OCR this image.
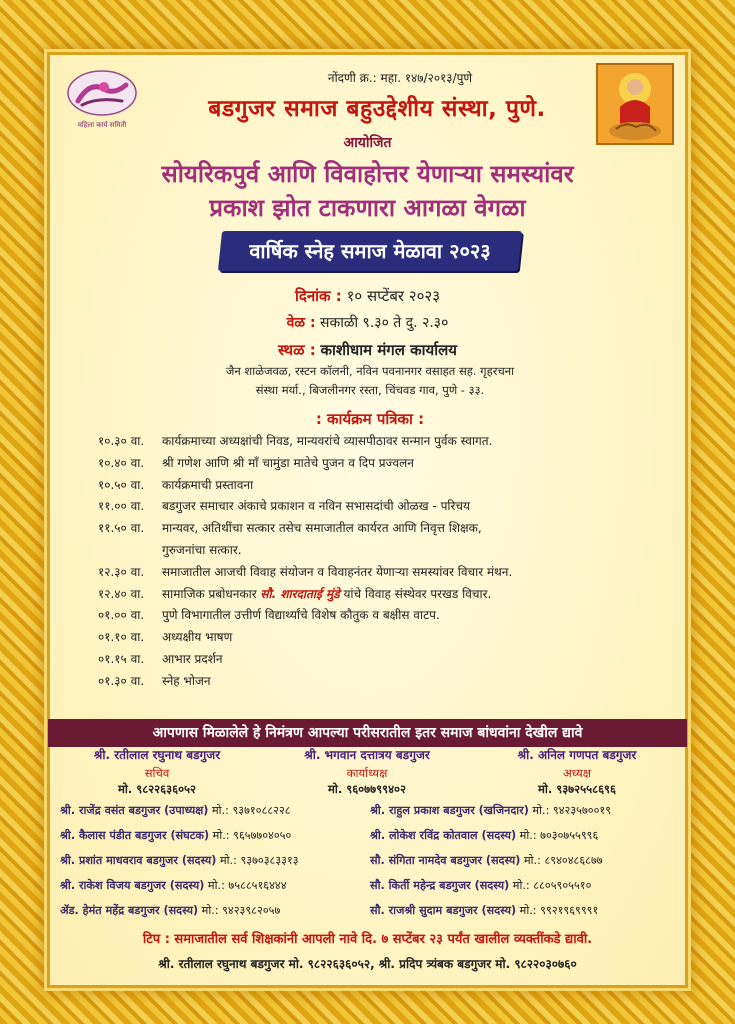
महिला कार्य समिती
नोंदणी क्र.: महा. १४७/२०१३/पुणे
बडगुजर समाज बहुउद्देशीय संस्था, पुणे.
आयोजित
सोयरिकपुर्व आणि विवाहोत्तर येणाऱ्या समस्यांवर
प्रकाश झोत टाकणारा आगळा वेगळा
वार्षिक स्नेह समाज मेळावा २०२३
दिनांक : १० सप्टेंबर २०२३
वेळ : सकाळी ९.३० ते दु. २.३०
स्थळ : काशीधाम मंगल कार्यालय
जैन शाळेजवळ, रस्टन कॉलनी, नविन पवनानगर वसाहत सह. गृहरचना
संस्था मर्या., बिजलीनगर रस्ता, चिंचवड गाव, पुणे - ३३.
: कार्यक्रम पत्रिका :
१०.३० वा.	कार्यक्रमाच्या अध्यक्षांची निवड, मान्यवरांचे व्यासपीठावर सन्मान पुर्वक स्वागत.
१०.४० वा.	श्री गणेश आणि श्री माँ चामुंडा मातेचे पुजन व दिप प्रज्वलन
१०.५० वा.	कार्यक्रमाची प्रस्तावना
११.०० वा.	बडगुजर समाचार अंकाचे प्रकाशन व नविन सभासदांची ओळख - परिचय
११.५० वा.	मान्यवर, अतिथींचा सत्कार तसेच समाजातील कार्यरत आणि निवृत्त शिक्षक,
गुरुजनांचा सत्कार.
१२.३० वा.	समाजातील आजची विवाह संयोजन व विवाहनंतर येणाऱ्या समस्यांवर विचार मंथन.
१२.४० वा.	सामाजिक प्रबोधनकार सौ. शारदाताई मुंडे यांचे विवाह संस्थेवर परखड विचार.
०१.०० वा.	पुणे विभागातील उत्तीर्ण विद्यार्थ्यांचे विशेष कौतुक व बक्षीस वाटप.
०१.१० वा.	अध्यक्षीय भाषण
०१.१५ वा.	आभार प्रदर्शन
०१.३० वा.	स्नेह भोजन
आपणास मिळालेले हे निमंत्रण आपल्या परीसरातील इतर समाज बांधवांना देखील द्यावे
श्री. रतीलाल रघुनाथ बडगुजर
सचिव
मो. ९८२२६३६०५२
श्री. भगवान दत्तात्रय बडगुजर
कार्याध्यक्ष
मो. ९६०७७९९४०२
श्री. अनिल गणपत बडगुजर
अध्यक्ष
मो. ९३७२५५८६९६
श्री. राजेंद्र वसंत बडगुजर (उपाध्यक्ष) मो.: ९३७१०८८२२८
श्री. कैलास पंडीत बडगुजर (संघटक) मो.: ९६५७७०४०५०
श्री. प्रशांत माधवराव बडगुजर (सदस्य) मो.: ९३७०३८३३१३
श्री. राकेश विजय बडगुजर (सदस्य) मो.: ७५८८५१६४४४
ॲड. हेमंत महेंद्र बडगुजर (सदस्य) मो.: ९४२३९८२०५७
श्री. राहुल प्रकाश बडगुजर (खजिनदार) मो.: ९४२३५७००१९
श्री. लोकेश रविंद्र कोतवाल (सदस्य) मो.: ७०३०७५५९९६
सौ. संगिता नामदेव बडगुजर (सदस्य) मो.: ८९४०४८६८७७
सौ. किर्ती महेन्द्र बडगुजर (सदस्य) मो.: ८८०५९०५५१०
सौ. राजश्री सुदाम बडगुजर (सदस्य) मो.: ९९२१९६९९९१
टिप : समाजातील सर्व शिक्षकांनी आपली नावे दि. ७ सप्टेंबर २३ पर्यंत खालील व्यक्तींकडे द्यावी.
श्री. रतीलाल रघुनाथ बडगुजर मो. ९८२२६३६०५२, श्री. प्रदिप त्र्यंबक बडगुजर मो. ९८२२०३०७६०
